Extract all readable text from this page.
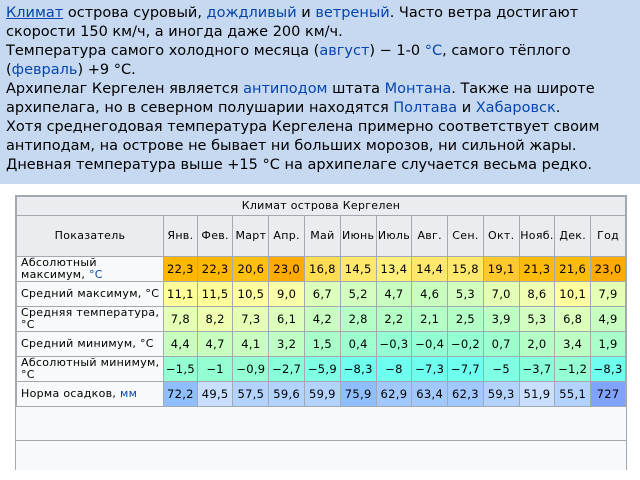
Климат острова суровый, дождливый и ветреный. Часто ветра достигают скорости 150 км/ч, а иногда даже 200 км/ч.
Температура самого холодного месяца (август) − 1-0 °C, самого тёплого (февраль) +9 °C.
Архипелаг Кергелен является антиподом штата Монтана. Также на широте архипелага, но в северном полушарии находятся Полтава и Хабаровск.
Хотя среднегодовая температура Кергелена примерно соответствует своим антиподам, на острове не бывает ни больших морозов, ни сильной жары.
Дневная температура выше +15 °C на архипелаге случается весьма редко.
Климат острова Кергелен													
Показатель	Янв.	Фев.	Март	Апр.	Май	Июнь	Июль	Авг.	Сен.	Окт.	Нояб.	Дек.	Год
Абсолютный максимум, °C	22,3	22,3	20,6	23,0	16,8	14,5	13,4	14,4	15,8	19,1	21,3	21,6	23,0
Средний максимум, °C	11,1	11,5	10,5	9,0	6,7	5,2	4,7	4,6	5,3	7,0	8,6	10,1	7,9
Средняя температура, °C	7,8	8,2	7,3	6,1	4,2	2,8	2,2	2,1	2,5	3,9	5,3	6,8	4,9
Средний минимум, °C	4,4	4,7	4,1	3,2	1,5	0,4	−0,3	−0,4	−0,2	0,7	2,0	3,4	1,9
Абсолютный минимум, °C	−1,5	−1	−0,9	−2,7	−5,9	−8,3	−8	−7,3	−7,7	−5	−3,7	−1,2	−8,3
Норма осадков, мм	72,2	49,5	57,5	59,6	59,9	75,9	62,9	63,4	62,3	59,3	51,9	55,1	727
